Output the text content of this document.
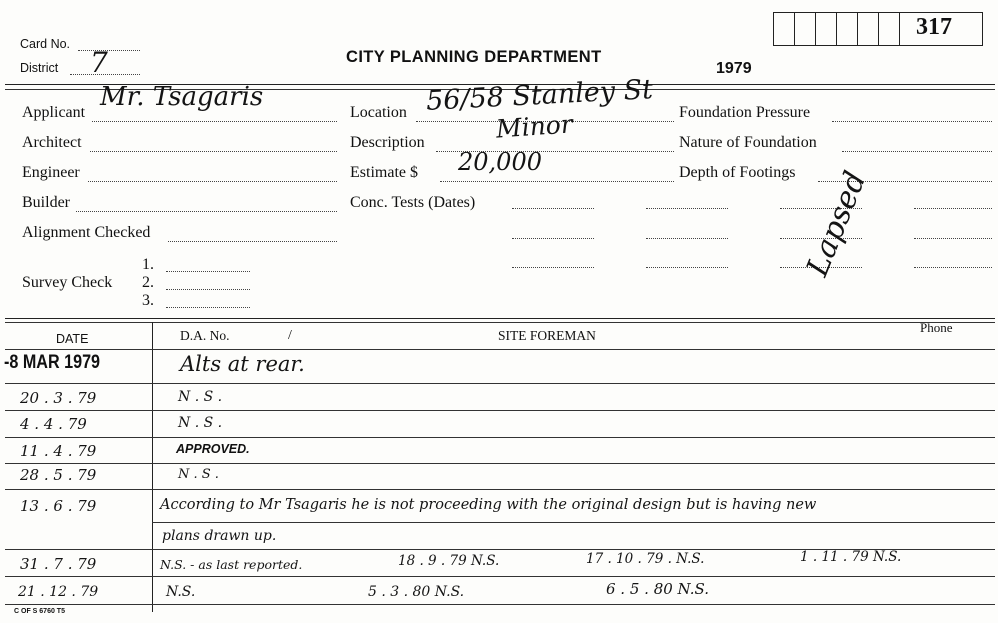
Card No.
District 7	CITY PLANNING DEPARTMENT
1979
317
Applicant
Mr. Tsagaris
Architect
Engineer
Builder
Alignment Checked
Survey Check
1.
2.
3.
Location 56/58 Stanley St
Description	Minor
Estimate $ 20,000
Conc. Tests (Dates)
Foundation Pressure
Nature of Foundation
Depth of Footings Lapsed
DATE	D.A. No.	/	SITE FOREMAN
Phone
-8 MAR 1979	Alts at rear.
20 . 3 . 79	N . S .
4 . 4 . 79	N . S .
11 . 4 . 79	APPROVED.
28 . 5 . 79	N . S .
13 . 6 . 79	According to Mr Tsagaris he is not proceeding with the original design but is having new
plans drawn up.
31 . 7 . 79	N.S. - as last reported.	18 . 9 . 79 N.S.	17 . 10 . 79 . N.S.	1 . 11 . 79 N.S.
21 . 12 . 79	N.S.	5 . 3 . 80 N.S.	6 . 5 . 80 N.S.
C OF S 6760 T5
